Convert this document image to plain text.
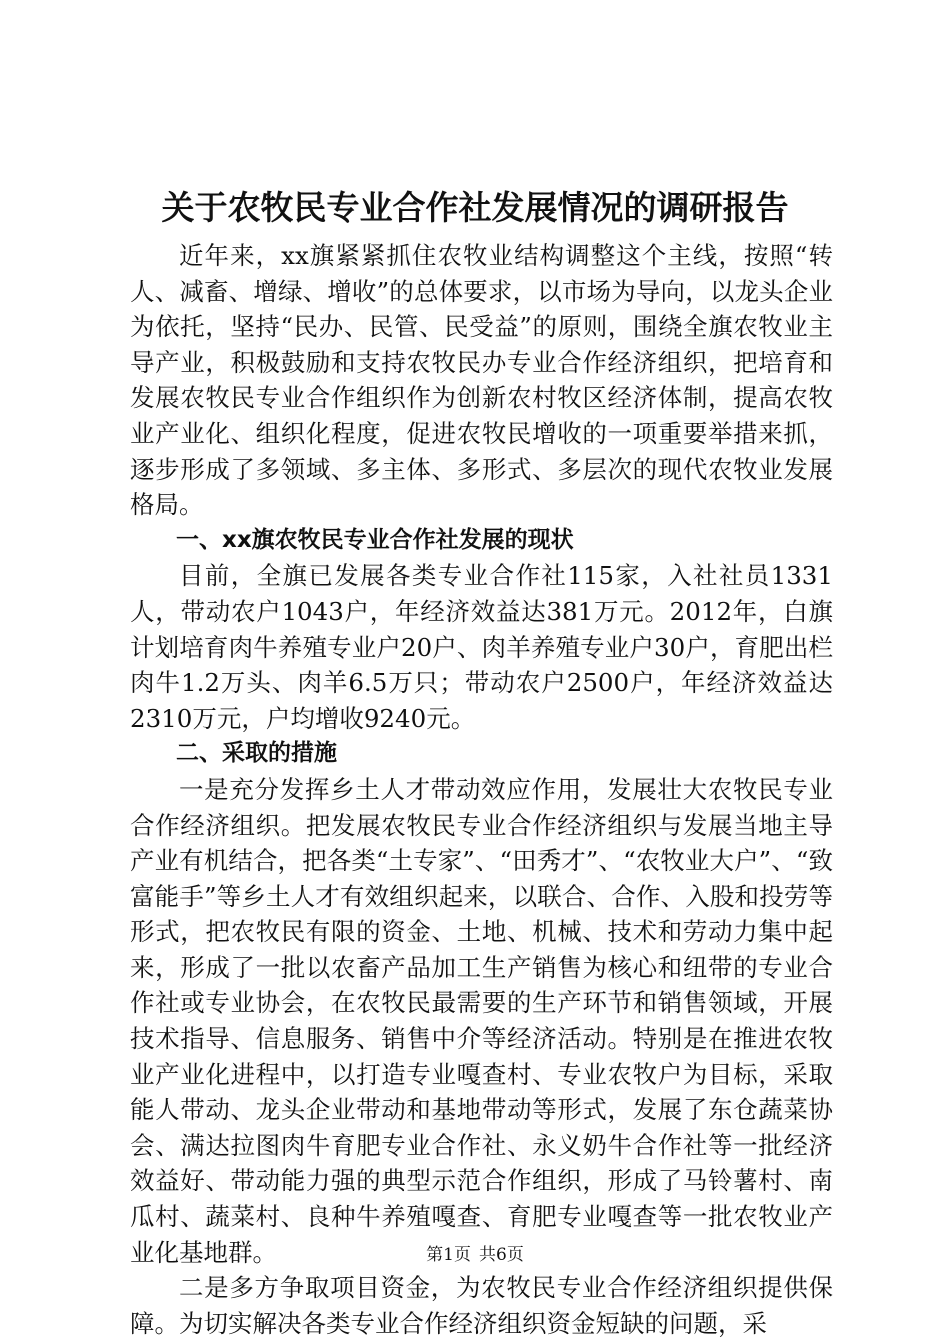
关于农牧民专业合作社发展情况的调研报告

近年来，xx旗紧紧抓住农牧业结构调整这个主线，按照“转人、减畜、增绿、增收”的总体要求，以市场为导向，以龙头企业为依托，坚持“民办、民管、民受益”的原则，围绕全旗农牧业主导产业，积极鼓励和支持农牧民办专业合作经济组织，把培育和发展农牧民专业合作组织作为创新农村牧区经济体制，提高农牧业产业化、组织化程度，促进农牧民增收的一项重要举措来抓，逐步形成了多领域、多主体、多形式、多层次的现代农牧业发展格局。

一、xx旗农牧民专业合作社发展的现状

目前，全旗已发展各类专业合作社115家，入社社员1331人，带动农户1043户，年经济效益达381万元。2012年，白旗计划培育肉牛养殖专业户20户、肉羊养殖专业户30户，育肥出栏肉牛1.2万头、肉羊6.5万只；带动农户2500户，年经济效益达2310万元，户均增收9240元。

二、采取的措施

一是充分发挥乡土人才带动效应作用，发展壮大农牧民专业合作经济组织。把发展农牧民专业合作经济组织与发展当地主导产业有机结合，把各类“土专家”、“田秀才”、“农牧业大户”、“致富能手”等乡土人才有效组织起来，以联合、合作、入股和投劳等形式，把农牧民有限的资金、土地、机械、技术和劳动力集中起来，形成了一批以农畜产品加工生产销售为核心和纽带的专业合作社或专业协会，在农牧民最需要的生产环节和销售领域，开展技术指导、信息服务、销售中介等经济活动。特别是在推进农牧业产业化进程中，以打造专业嘎查村、专业农牧户为目标，采取能人带动、龙头企业带动和基地带动等形式，发展了东仓蔬菜协会、满达拉图肉牛育肥专业合作社、永义奶牛合作社等一批经济效益好、带动能力强的典型示范合作组织，形成了马铃薯村、南瓜村、蔬菜村、良种牛养殖嘎查、育肥专业嘎查等一批农牧业产业化基地群。

二是多方争取项目资金，为农牧民专业合作经济组织提供保障。为切实解决各类专业合作经济组织资金短缺的问题，采

第1页 共6页
